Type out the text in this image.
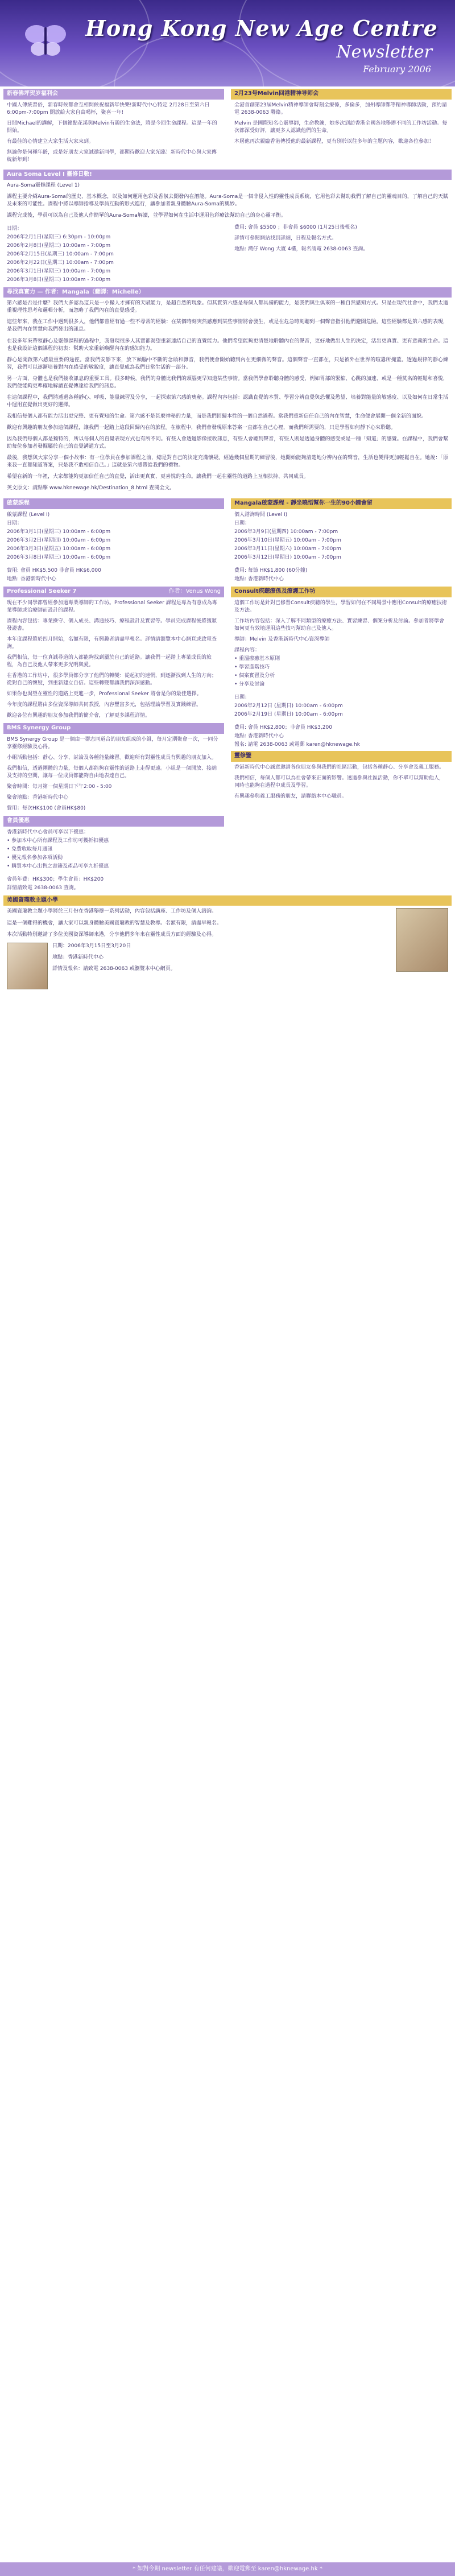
Hong Kong New Age Centre
Newsletter
February 2006
新春佛坪贺岁福利会

中國人傳統習俗，新春時候都會互相問候祝福新年快樂!新時代中心特定 2月28日至第六日6:00pm-7:00pm 開放給大家自由喝杯，聚喜一年!

日間Michael的講解，下個鐘點花溪與Melvin有趣的生命法，將是今回生命課程。這是一年的開始。

有最佳的心情建立大家生活大家來到。

無論你是何種年齡，或是好朋友大家誠邀新同學，都期待歡迎大家光臨！新時代中心與大家傳統新年到！

2月23号Melvin回港精神导师会

全港首創第23屆Melvin精神導師會時刻全療係，多倫多，加州導師鄭等精神導師活動，預約請電 2638-0063 聯絡。

Melvin 是國際知名心靈導師，生命教練，她多次到訪香港全國各地舉辦不同的工作坊活動。每次都深受好評，讓更多人認識他們的生命。

本屆他再次親臨香港傳授他的最新課程，更有別於以往多年的主題內容，歡迎各位參加！

Aura Soma Level I 靈修日數!

Aura-Soma靈修課程 (Level 1)

課程主要介紹Aura-Soma的歷史、基本概念，以及如何運用色彩及香氛去開發內在潛能。Aura-Soma是一個非侵入性的靈性成長系統，它用色彩去幫助我們了解自己的靈魂目的，了解自己的天賦及未來的可能性。課程中將以導師指導及學員互動的形式進行，讓參加者親身體驗Aura-Soma的奧妙。

課程完成後，學員可以為自己及他人作簡單的Aura-Soma解讀，並學習如何在生活中運用色彩療法幫助自己的身心靈平衡。

日期：
2006年2月1日(星期三) 6:30pm - 10:00pm
2006年2月8日(星期三) 10:00am - 7:00pm
2006年2月15日(星期三) 10:00am - 7:00pm
2006年2月22日(星期三) 10:00am - 7:00pm
2006年3月1日(星期三) 10:00am - 7:00pm
2006年3月8日(星期三) 10:00am - 7:00pm

費用: 會員 $5500 ；非會員 $6000 (1月25日後報名)

詳情可參閱網站找到詳細，日程及報名方式。

地點: 灣仔 Wong 大廈 4樓，報名請電 2638-0063 查詢。

尋找真實力 — 作者：Mangala（翻譯：Michelle）

第六感是否是什麼？我們大多認為這只是一小撮人才擁有的天賦能力，是超自然的現象。但其實第六感是每個人都具備的能力，是我們與生俱來的一種自然感知方式。只是在現代社會中，我們太過重視理性思考和邏輯分析，而忽略了我們內在的直覺感受。

這些年來，我在工作中遇到很多人，他們都曾經有過一些不尋常的經驗：在某個時刻突然感應到某些事情將會發生，或是在危急時刻聽到一個聲音指引他們避開危險。這些經驗都是第六感的表現，是我們內在智慧向我們發出的訊息。

在我多年來帶領靜心及靈修課程的過程中，我發現很多人其實都渴望重新連結自己的直覺能力。他們希望能夠更清楚地聆聽內在的聲音，更好地做出人生的決定，活出更真實、更有意義的生命。這也是我設計這個課程的初衷：幫助大家重新喚醒內在的感知能力。

靜心是開啟第六感最重要的途徑。當我們安靜下來，放下頭腦中不斷的念頭和雜音，我們便會開始聽到內在更細微的聲音。這個聲音一直都在，只是被外在世界的喧囂所掩蓋。透過規律的靜心練習，我們可以逐漸培養對內在感受的敏銳度，讓直覺成為我們日常生活的一部分。

另一方面，身體也是我們接收訊息的重要工具。很多時候，我們的身體比我們的頭腦更早知道某些事情。當我們學會聆聽身體的感受，例如胃部的緊縮、心跳的加速、或是一種莫名的輕鬆和喜悅，我們便能夠更準確地解讀直覺傳達給我們的訊息。

在這個課程中，我們將透過各種靜心、呼吸、能量練習及分享，一起探索第六感的奧秘。課程內容包括：認識直覺的本質、學習分辨直覺與恐懼及慾望、培養對能量的敏感度、以及如何在日常生活中運用直覺做出更好的選擇。

我相信每個人都有能力活出更完整、更有覺知的生命。第六感不是甚麼神秘的力量，而是我們回歸本性的一個自然過程。當我們重新信任自己的內在智慧，生命便會展開一個全新的面貌。

歡迎有興趣的朋友參加這個課程，讓我們一起踏上這段回歸內在的旅程。在旅程中，我們會發現原來答案一直都在自己心裡，而我們所需要的，只是學習如何靜下心來聆聽。

因為我們每個人都是獨特的，所以每個人的直覺表現方式也有所不同。有些人會透過影像接收訊息，有些人會聽到聲音，有些人則是透過身體的感受或是一種「知道」的感覺。在課程中，我們會幫助每位參加者發掘屬於自己的直覺溝通方式。

最後，我想與大家分享一個小故事：有一位學員在參加課程之前，總是對自己的決定充滿懷疑。經過幾個星期的練習後，她開始能夠清楚地分辨內在的聲音，生活也變得更加輕鬆自在。她說：「原來我一直都知道答案，只是我不敢相信自己。」這就是第六感帶給我們的禮物。

希望在新的一年裡，大家都能夠更加信任自己的直覺，活出更真實、更喜悅的生命。讓我們一起在靈性的道路上互相扶持、共同成長。

英文原文：請點擊 www.hknewage.hk/Destination_8.html 查閱全文。

啟蒙課程
啟蒙課程 (Level I)
日期：
2006年3月1日(星期三) 10:00am - 6:00pm
2006年3月2日(星期四) 10:00am - 6:00pm
2006年3月3日(星期五) 10:00am - 6:00pm
2006年3月8日(星期三) 10:00am - 6:00pm
費用: 會員 HK$5,500 非會員 HK$6,000
地點: 香港新時代中心
Mangala啟蒙課程 - 靜坐曉悟幫你一生的90小鐘會留
個人諮詢時間 (Level I)
日期：
2006年3月9日(星期四) 10:00am - 7:00pm
2006年3月10日(星期五) 10:00am - 7:00pm
2006年3月11日(星期六) 10:00am - 7:00pm
2006年3月12日(星期日) 10:00am - 7:00pm
費用: 每節 HK$1,800 (60分鐘)
地點: 香港新時代中心
Professional Seeker 7	作者：Venus Wong

現在不少同學都曾經參加過專業導師的工作坊。Professional Seeker 課程是專為有意成為專業導師或治療師而設計的課程。

課程內容包括：專業操守、個人成長、溝通技巧、療程設計及實習等。學員完成課程後將獲頒發證書。

本年度課程將於四月開始，名額有限，有興趣者請盡早報名。詳情請瀏覽本中心網頁或致電查詢。

我們相信，每一位真誠尋道的人都能夠找到屬於自己的道路。讓我們一起踏上專業成長的旅程，為自己及他人帶來更多光明與愛。

在香港的工作坊中，很多學員都分享了他們的轉變：從起初的迷惘，到逐漸找到人生的方向；從對自己的懷疑，到重新建立自信。這些轉變都讓我們深深感動。

如果你也渴望在靈性的道路上更進一步，Professional Seeker 將會是你的最佳選擇。

今年度的課程將由多位資深導師共同教授，內容豐富多元，包括理論學習及實踐練習。

歡迎各位有興趣的朋友參加我們的簡介會，了解更多課程詳情。

BMS Synergy Group

BMS Synergy Group 是一個由一群志同道合的朋友組成的小組，每月定期聚會一次，一同分享靈修經驗及心得。

小組活動包括：靜心、分享、討論及各種能量練習。歡迎所有對靈性成長有興趣的朋友加入。

我們相信，透過團體的力量，每個人都能夠在靈性的道路上走得更遠。小組是一個開放、接納及支持的空間，讓每一位成員都能夠自由地表達自己。

聚會時間：每月第一個星期日下午2:00 - 5:00

聚會地點：香港新時代中心

費用：每次HK$100 (會員HK$80)

會員優惠
香港新時代中心會員可享以下優惠：
• 參加本中心所有課程及工作坊可獲折扣優惠
• 免費收取每月通訊
• 優先報名參加各項活動
• 購買本中心出售之書籍及產品可享九折優惠
會員年費：HK$300；學生會員：HK$200
詳情請致電 2638-0063 查詢。
Consult疾聽療係及療護工作坊

這個工作坊是針對已修習Consult疾聽的學生，學習如何在不同場景中應用Consult的療癒技術及方法。

工作坊內容包括：深入了解不同類型的療癒方法、實習練習、個案分析及討論。參加者將學會如何更有效地運用這些技巧幫助自己及他人。

導師：Melvin 及香港新時代中心資深導師

課程內容：
• 重溫療癒基本原則
• 學習進階技巧
• 個案實習及分析
• 分享及討論
日期：
2006年2月12日 (星期日) 10:00am - 6:00pm
2006年2月19日 (星期日) 10:00am - 6:00pm
費用: 會員 HK$2,800；非會員 HK$3,200
地點: 香港新時代中心
報名: 請電 2638-0063 或電郵 karen@hknewage.hk
靈修鑒

香港新時代中心誠意邀請各位朋友參與我們的社區活動，包括各種靜心、分享會及義工服務。

我們相信，每個人都可以為社會帶來正面的影響。透過參與社區活動，你不單可以幫助他人，同時也能夠在過程中成長及學習。

有興趣參與義工服務的朋友，請聯絡本中心職員。

美國資瓏教主題小學

美國資瓏教主題小學將於三月份在香港舉辦一系列活動，內容包括講座、工作坊及個人諮詢。

這是一個難得的機會，讓大家可以親身體驗美國資瓏教的智慧及教導。名額有限，請盡早報名。

本次活動特別邀請了多位美國資深導師來港，分享他們多年來在靈性成長方面的經驗及心得。

日期：2006年3月15日至3月20日

地點：香港新時代中心

詳情及報名：請致電 2638-0063 或瀏覽本中心網頁。

* 如對今期 newsletter 有任何建議，歡迎電郵至 karen@hknewage.hk *
